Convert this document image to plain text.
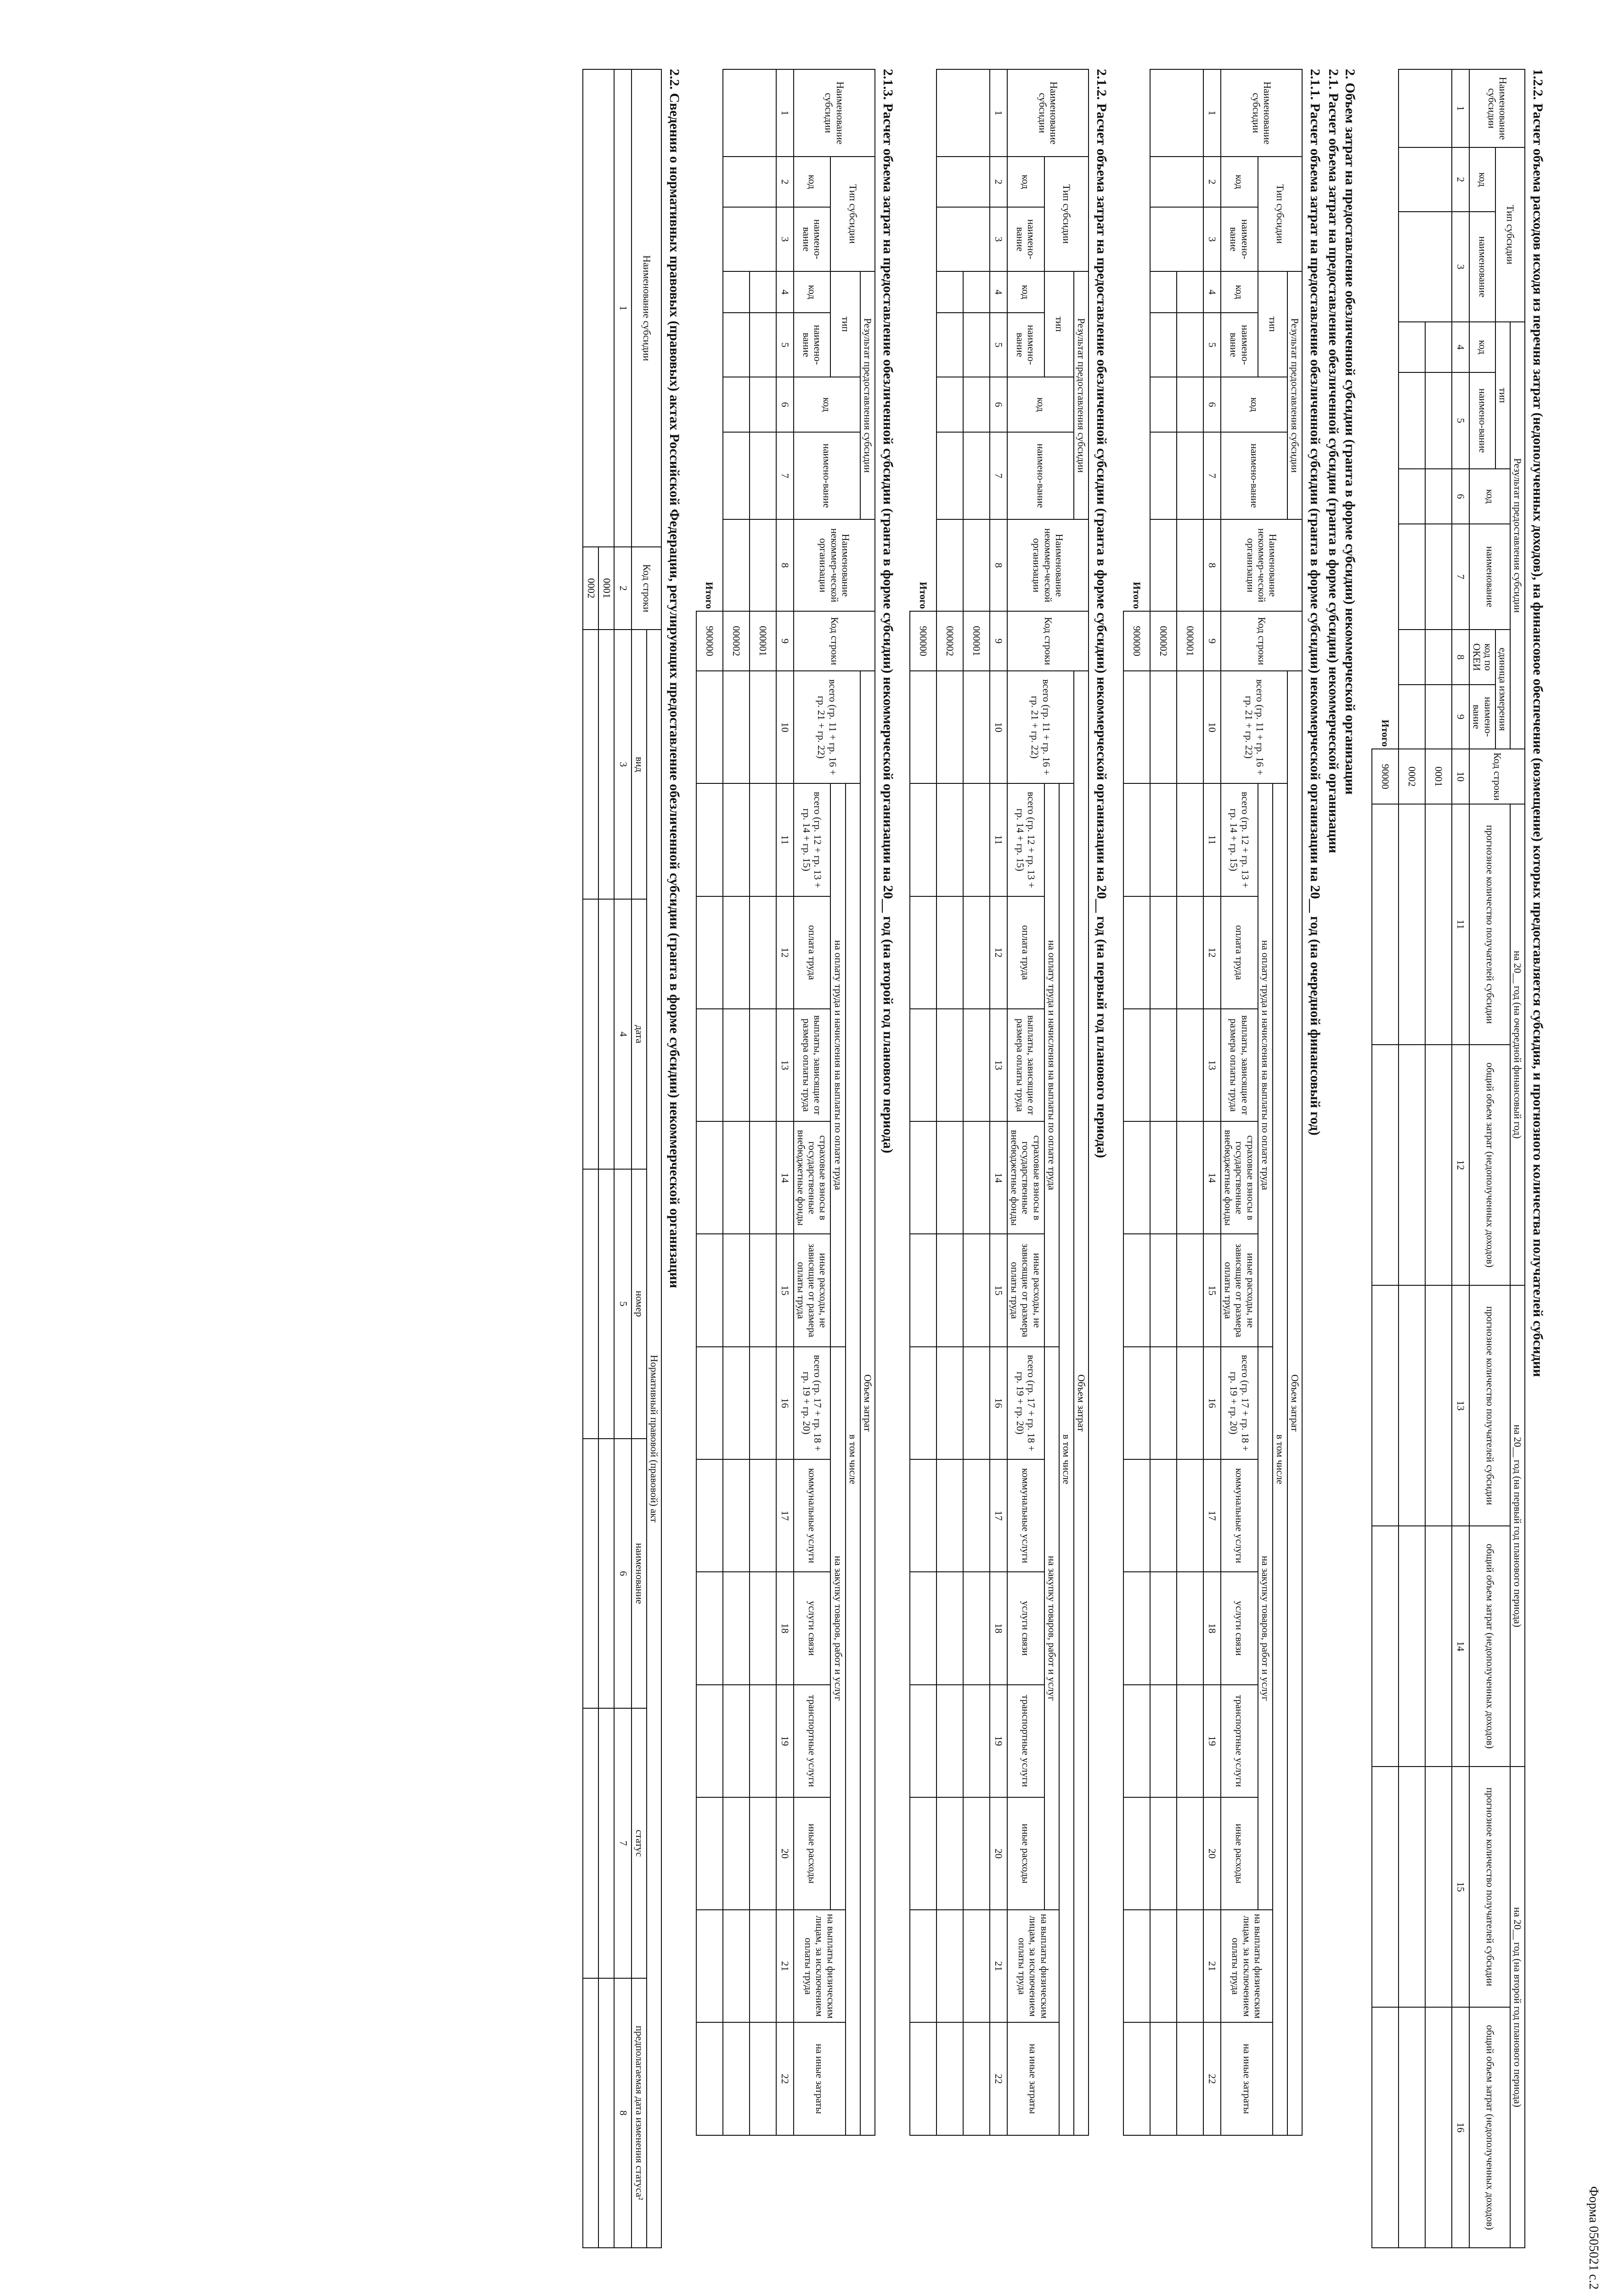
Форма 0505021 с.2
1.2.2. Расчет объема расходов исходя из перечня затрат (недополученных доходов), на финансовое обеспечение (возмещение) которых предоставляется субсидия, и прогнозного количества получателей субсидии
Наименование субсидии	Тип субсидии		Результат предоставления субсидии						Код строки	на 20__ год (на очередной финансовый год)		на 20__ год (на первый год планового периода)		на 20__ год (на второй год планового периода)	
			тип		код	наименование	единица измерения			прогнозное количество получателей субсидии	общий объем затрат (недополученных доходов)	прогнозное количество получателей субсидии	общий объем затрат (недополученных доходов)	прогнозное количество получателей субсидии	общий объем затрат (недополученных доходов)

	код	наименование	код	наимено-вание			код по ОКЕИ	наимено-вание							
1	2	3	4	5	6	7	8	9	10	11	12	13	14	15	16
									0001						
									0002						
Итого									90000						
2. Объем затрат на предоставление обезличенной субсидии (гранта в форме субсидии) некоммерческой организации
2.1. Расчет объема затрат на предоставление обезличенной субсидии (гранта в форме субсидии) некоммерческой организации
2.1.1. Расчет объема затрат на предоставление обезличенной субсидии (гранта в форме субсидии) некоммерческой организации на 20__ год (на очередной финансовый год)
Наименование субсидии	Тип субсидии		Результат предоставления субсидии				Наименование некоммер-ческой организации	Код строки	Объем затрат												
			тип		код	наимено-вание			всего (гр. 11 + гр. 16 + гр. 21 + гр. 22)	в том числе											
										на оплату труда и начисления на выплаты по оплате труда					на закупку товаров, работ и услуг					на выплаты физическим лицам, за исключением оплаты труда	на иные затраты
	код	наимено-вание	код	наимено-вание						всего (гр. 12 + гр. 13 + гр. 14 + гр. 15)	оплата труда	выплаты, зависящие от размера оплаты труда	страховые взносы в государственные внебюджетные фонды	иные расходы, не зависящие от размера оплаты труда	всего (гр. 17 + гр. 18 + гр. 19 + гр. 20)	коммунальные услуги	услуги связи	транспортные услуги	иные расходы		
1	2	3	4	5	6	7	8	9	10	11	12	13	14	15	16	17	18	19	20	21	22
								000001													
								000002													
Итого								900000													
2.1.2. Расчет объема затрат на предоставление обезличенной субсидии (гранта в форме субсидии) некоммерческой организации на 20__ год (на первый год планового периода)
Наименование субсидии	Тип субсидии		Результат предоставления субсидии				Наименование некоммер-ческой организации	Код строки	Объем затрат												
			тип		код	наимено-вание			всего (гр. 11 + гр. 16 + гр. 21 + гр. 22)	в том числе											
										на оплату труда и начисления на выплаты по оплате труда					на закупку товаров, работ и услуг					на выплаты физическим лицам, за исключением оплаты труда	на иные затраты
	код	наимено-вание	код	наимено-вание						всего (гр. 12 + гр. 13 + гр. 14 + гр. 15)	оплата труда	выплаты, зависящие от размера оплаты труда	страховые взносы в государственные внебюджетные фонды	иные расходы, не зависящие от размера оплаты труда	всего (гр. 17 + гр. 18 + гр. 19 + гр. 20)	коммунальные услуги	услуги связи	транспортные услуги	иные расходы		
1	2	3	4	5	6	7	8	9	10	11	12	13	14	15	16	17	18	19	20	21	22
								000001													
								000002													
Итого								900000													
2.1.3. Расчет объема затрат на предоставление обезличенной субсидии (гранта в форме субсидии) некоммерческой организации на 20__ год (на второй год планового периода)
Наименование субсидии	Тип субсидии		Результат предоставления субсидии				Наименование некоммер-ческой организации	Код строки	Объем затрат												
			тип		код	наимено-вание			всего (гр. 11 + гр. 16 + гр. 21 + гр. 22)	в том числе											
										на оплату труда и начисления на выплаты по оплате труда					на закупку товаров, работ и услуг					на выплаты физическим лицам, за исключением оплаты труда	на иные затраты
	код	наимено-вание	код	наимено-вание						всего (гр. 12 + гр. 13 + гр. 14 + гр. 15)	оплата труда	выплаты, зависящие от размера оплаты труда	страховые взносы в государственные внебюджетные фонды	иные расходы, не зависящие от размера оплаты труда	всего (гр. 17 + гр. 18 + гр. 19 + гр. 20)	коммунальные услуги	услуги связи	транспортные услуги	иные расходы		
1	2	3	4	5	6	7	8	9	10	11	12	13	14	15	16	17	18	19	20	21	22
								000001													
								000002													
Итого								900000													
2.2. Сведения о нормативных правовых (правовых) актах Российской Федерации, регулирующих предоставление обезличенной субсидии (гранта в форме субсидии) некоммерческой организации
Наименование субсидии	Код строки	Нормативный правовой (правовой) акт					
		вид	дата	номер	наименование	статус	предполагаемая дата изменения статуса²
1	2	3	4	5	6	7	8
	0001						
	0002						
